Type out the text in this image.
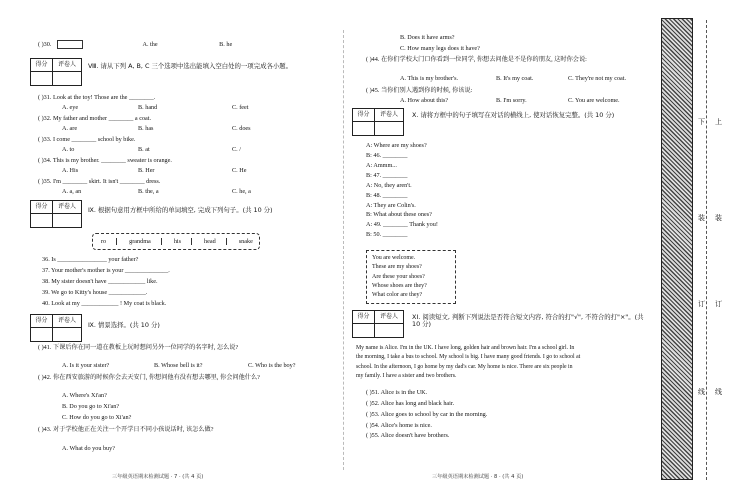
( )30.	A. the	B. he
得分	评卷人	Ⅷ. 请从下列 A, B, C 三个选项中选出能填入空白处的一项完成各小题。
( )31. Look at the toy! Those are the ________.
A. eye	B. hand	C. feet
( )32. My father and mother ________ a coat.
A. are	B. has	C. does
( )33. I come ________ school by bike.
A. to	B. at	C. /
( )34. This is my brother. ________ sweater is orange.
A. His	B. Her	C. He
( )35. I'm ________ skirt. It isn't ________ dress.
A. a, an	B. the, a	C. he, a
得分	评卷人	Ⅸ. 根据句意用方框中所给的单词填空, 完成下列句子。(共 10 分)
ro	grandma	his	head	snake
36. Is ________________ your father?
37. Your mother's mother is your ______________.
38. My sister doesn't have ____________ like.
39. We go to Kitty's house ____________.
40. Look at my ____________ ! My coat is black.
得分	评卷人
Ⅸ. 情景选择。(共 10 分)
( )41. 下课后你在同一道在教板上玩时想问另外一位同学的名字时, 怎么说?
A. Is it your sister?	B. Whose bell is it?	C. Who is the boy?
( )42. 你在西安旅游的时候你会去天安门, 你想问他有没有想去哪里, 你会问他什么?
A. Where's Xi'an?
B. Do you go to Xi'an?
C. How do you go to Xi'an?
( )43. 对于学校他正在关注一个开学日不同小孩说话时, 该怎么做?
A. What do you buy?
三年级英语期末检测试题 · 7 · (共 4 页)
B. Does it have arms?
C. How many legs does it have?
( )44. 在你们学校大门口你看到一位同学, 你想去问他是不是你的朋友, 这时你会说:
A. This is my brother's.	B. It's my coat.	C. They're not my coat.
( )45. 当你们别人遇到你的时候, 你该说:
A. How about this?	B. I'm sorry.	C. You are welcome.
得分	评卷人	X. 请将方框中的句子填写在对话的横线上, 使对话恢复完整。(共 10 分)
A: Where are my shoes?
B: 46. ________
A: Ammm...
B: 47. ________
A: No, they aren't.
B: 48. ________
A: They are Colin's.
B: What about these ones?
A: 49. ________ Thank you!
B: 50. ________
You are welcome.
These are my shoes?
Are these your shoes?
Whose shoes are they?
What color are they?
得分	评卷人	XI. 阅读短文, 判断下列说法是否符合短文内容, 符合的打"√", 不符合的打"×"。(共 10 分)
My name is Alice. I'm in the UK. I have long, golden hair and brown hair. I'm a school girl. In
the morning, I take a bus to school. My school is big. I have many good friends. I go to school at
school. In the afternoon, I go home by my dad's car. My home is nice. There are six people in
my family. I have a sister and two brothers.
( )51. Alice is in the UK.
( )52. Alice has long and black hair.
( )53. Alice goes to school by car in the morning.
( )54. Alice's home is nice.
( )55. Alice doesn't have brothers.
三年级英语期末检测试题 · 8 · (共 4 页)
上
下
装
订
线
装
订
线
